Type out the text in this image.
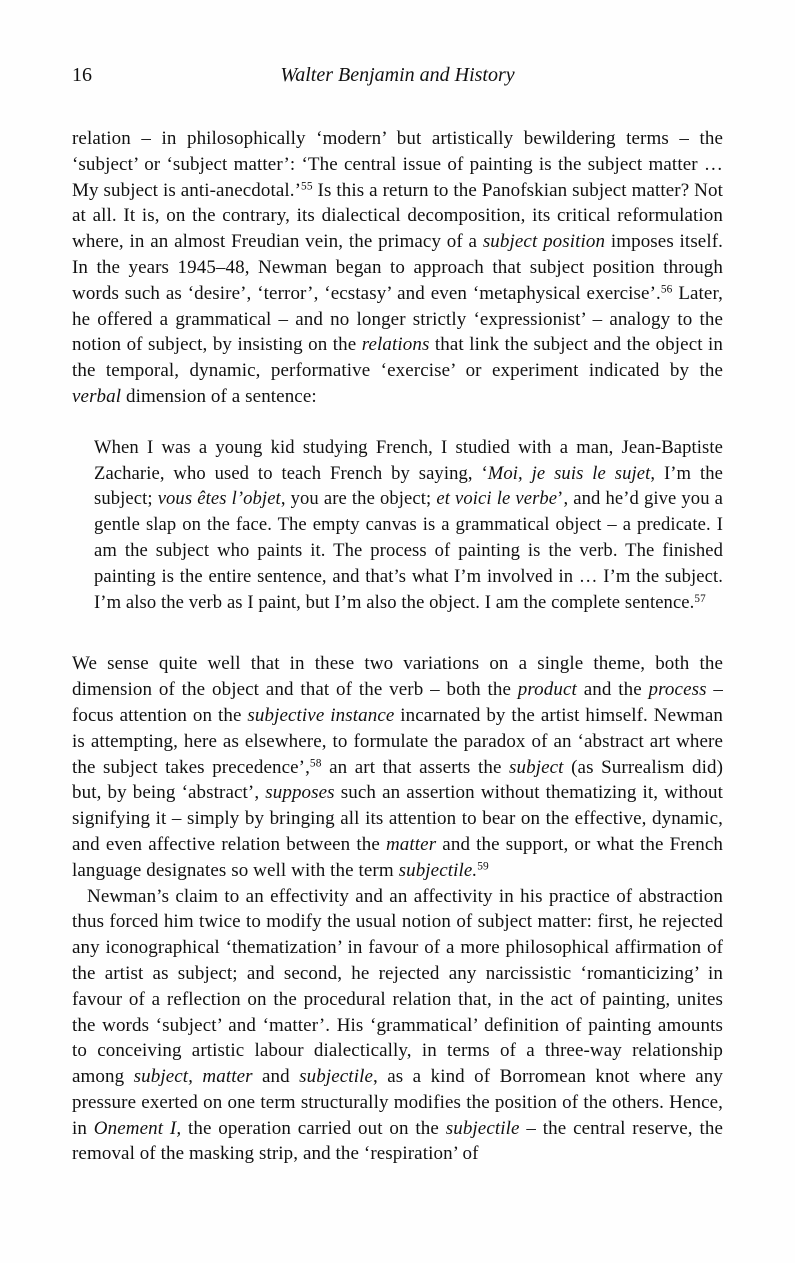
16	Walter Benjamin and History

relation – in philosophically ‘modern’ but artistically bewildering terms – the ‘subject’ or ‘subject matter’: ‘The central issue of painting is the subject matter … My subject is anti-anecdotal.’$^{55}$ Is this a return to the Panofskian subject matter? Not at all. It is, on the contrary, its dialectical decomposition, its critical reformulation where, in an almost Freudian vein, the primacy of a subject position imposes itself. In the years 1945–48, Newman began to approach that subject position through words such as ‘desire’, ‘terror’, ‘ecstasy’ and even ‘metaphysical exercise’.$^{56}$ Later, he offered a grammatical – and no longer strictly ‘expressionist’ – analogy to the notion of subject, by insisting on the relations that link the subject and the object in the temporal, dynamic, performative ‘exercise’ or experiment indicated by the verbal dimension of a sentence:

When I was a young kid studying French, I studied with a man, Jean-Baptiste Zacharie, who used to teach French by saying, ‘Moi, je suis le sujet, I’m the subject; vous êtes l’objet, you are the object; et voici le verbe’, and he’d give you a gentle slap on the face. The empty canvas is a grammatical object – a predicate. I am the subject who paints it. The process of painting is the verb. The finished painting is the entire sentence, and that’s what I’m involved in … I’m the subject. I’m also the verb as I paint, but I’m also the object. I am the complete sentence.$^{57}$

We sense quite well that in these two variations on a single theme, both the dimension of the object and that of the verb – both the product and the process – focus attention on the subjective instance incarnated by the artist himself. Newman is attempting, here as elsewhere, to formulate the paradox of an ‘abstract art where the subject takes precedence’,$^{58}$ an art that asserts the subject (as Surrealism did) but, by being ‘abstract’, supposes such an assertion without thematizing it, without signifying it – simply by bringing all its attention to bear on the effective, dynamic, and even affective relation between the matter and the support, or what the French language designates so well with the term subjectile.$^{59}$

Newman’s claim to an effectivity and an affectivity in his practice of abstraction thus forced him twice to modify the usual notion of subject matter: first, he rejected any iconographical ‘thematization’ in favour of a more philosophical affirmation of the artist as subject; and second, he rejected any narcissistic ‘romanticizing’ in favour of a reflection on the procedural relation that, in the act of painting, unites the words ‘subject’ and ‘matter’. His ‘grammatical’ definition of painting amounts to conceiving artistic labour dialectically, in terms of a three-way relationship among subject, matter and subjectile, as a kind of Borromean knot where any pressure exerted on one term structurally modifies the position of the others. Hence, in Onement I, the operation carried out on the subjectile – the central reserve, the removal of the masking strip, and the ‘respiration’ of
